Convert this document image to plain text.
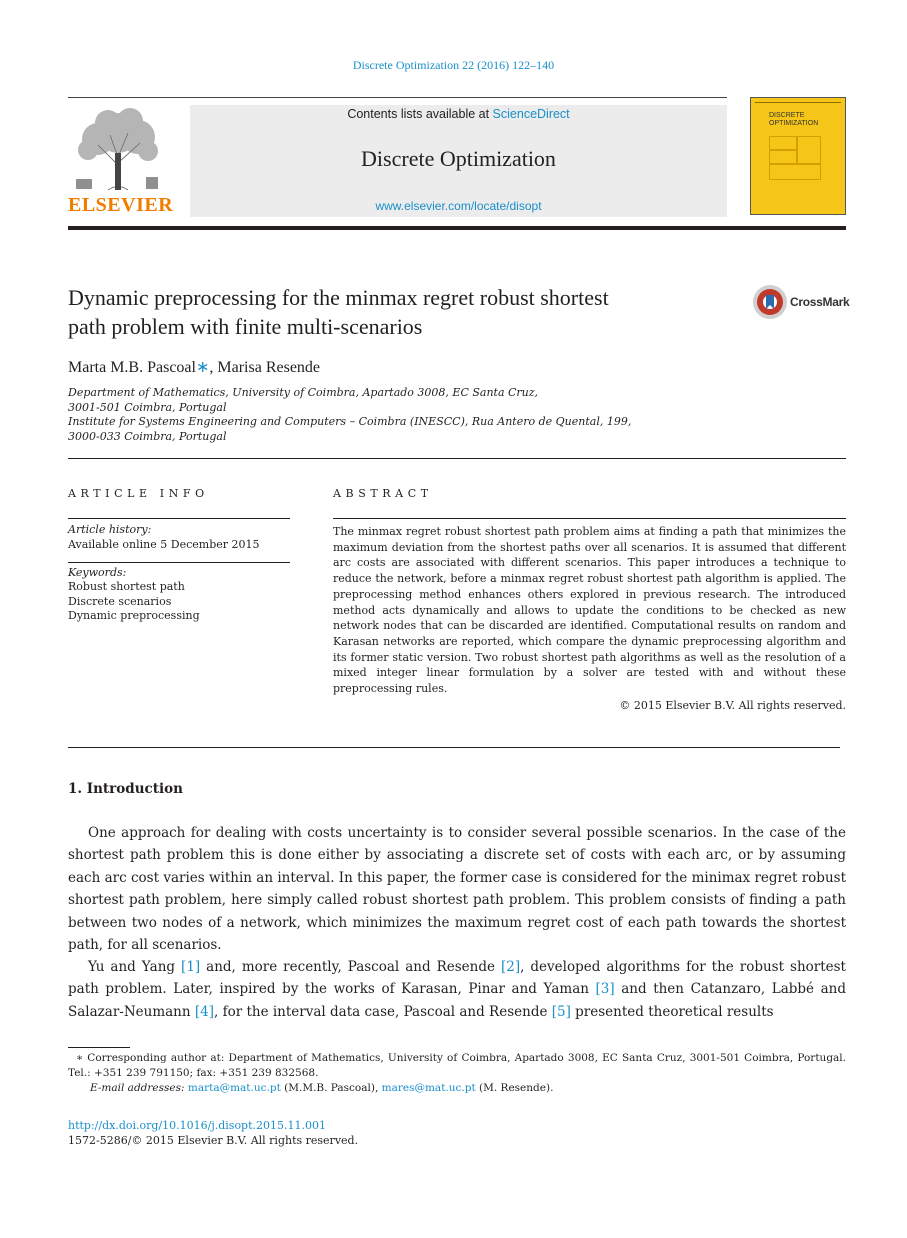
Discrete Optimization 22 (2016) 122–140
ELSEVIER
Contents lists available at ScienceDirect
Discrete Optimization
www.elsevier.com/locate/disopt
DISCRETE
OPTIMIZATION
Dynamic preprocessing for the minmax regret robust shortest
path problem with finite multi-scenarios
CrossMark
Marta M.B. Pascoal∗, Marisa Resende
Department of Mathematics, University of Coimbra, Apartado 3008, EC Santa Cruz,
3001-501 Coimbra, Portugal
Institute for Systems Engineering and Computers – Coimbra (INESCC), Rua Antero de Quental, 199,
3000-033 Coimbra, Portugal
ARTICLE INFO
Article history:
Available online 5 December 2015
Keywords:
Robust shortest path
Discrete scenarios
Dynamic preprocessing
ABSTRACT
The minmax regret robust shortest path problem aims at finding a path that minimizes the maximum deviation from the shortest paths over all scenarios. It is assumed that different arc costs are associated with different scenarios. This paper introduces a technique to reduce the network, before a minmax regret robust shortest path algorithm is applied. The preprocessing method enhances others explored in previous research. The introduced method acts dynamically and allows to update the conditions to be checked as new network nodes that can be discarded are identified. Computational results on random and Karasan networks are reported, which compare the dynamic preprocessing algorithm and its former static version. Two robust shortest path algorithms as well as the resolution of a mixed integer linear formulation by a solver are tested with and without these preprocessing rules.
© 2015 Elsevier B.V. All rights reserved.
1. Introduction
One approach for dealing with costs uncertainty is to consider several possible scenarios. In the case of the shortest path problem this is done either by associating a discrete set of costs with each arc, or by assuming each arc cost varies within an interval. In this paper, the former case is considered for the minimax regret robust shortest path problem, here simply called robust shortest path problem. This problem consists of finding a path between two nodes of a network, which minimizes the maximum regret cost of each path towards the shortest path, for all scenarios.
Yu and Yang [1] and, more recently, Pascoal and Resende [2], developed algorithms for the robust shortest path problem. Later, inspired by the works of Karasan, Pinar and Yaman [3] and then Catanzaro, Labbé and Salazar-Neumann [4], for the interval data case, Pascoal and Resende [5] presented theoretical results
∗ Corresponding author at: Department of Mathematics, University of Coimbra, Apartado 3008, EC Santa Cruz, 3001-501 Coimbra, Portugal. Tel.: +351 239 791150; fax: +351 239 832568.
E-mail addresses: marta@mat.uc.pt (M.M.B. Pascoal), mares@mat.uc.pt (M. Resende).
http://dx.doi.org/10.1016/j.disopt.2015.11.001
1572-5286/© 2015 Elsevier B.V. All rights reserved.
